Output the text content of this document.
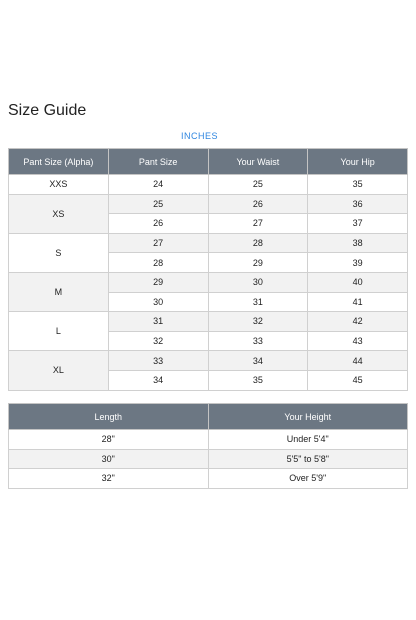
Size Guide
INCHES
Pant Size (Alpha)	Pant Size	Your Waist	Your Hip
XXS	24	25	35
XS	25	26	36
	26	27	37
S	27	28	38
	28	29	39
M	29	30	40
	30	31	41
L	31	32	42
	32	33	43
XL	33	34	44
	34	35	45
Length	Your Height
28"	Under 5'4"
30"	5'5" to 5'8"
32"	Over 5'9"
